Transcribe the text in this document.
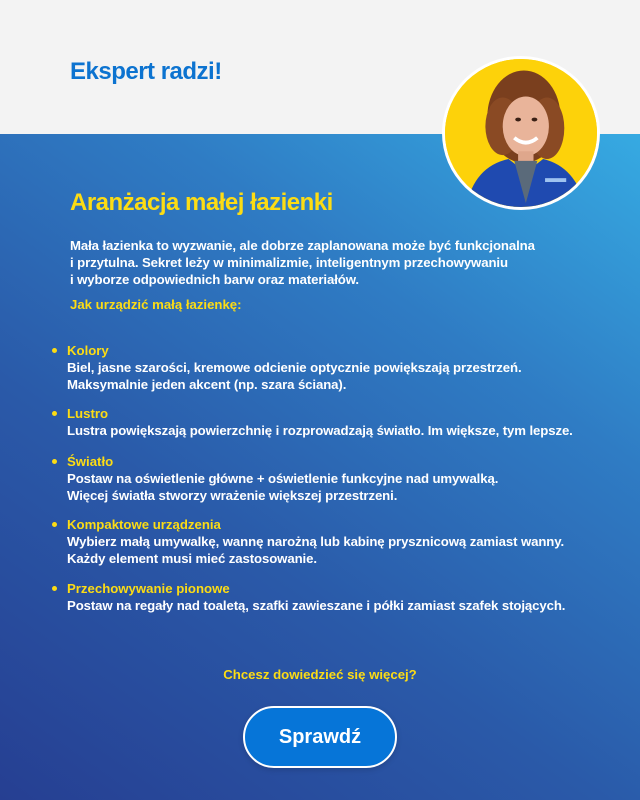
Ekspert radzi!
Aranżacja małej łazienki

Mała łazienka to wyzwanie, ale dobrze zaplanowana może być funkcjonalna
i przytulna. Sekret leży w minimalizmie, inteligentnym przechowywaniu
i wyborze odpowiednich barw oraz materiałów.

Jak urządzić małą łazienkę:
Kolory
Biel, jasne szarości, kremowe odcienie optycznie powiększają przestrzeń.
Maksymalnie jeden akcent (np. szara ściana).
Lustro
Lustra powiększają powierzchnię i rozprowadzają światło. Im większe, tym lepsze.
Światło
Postaw na oświetlenie główne + oświetlenie funkcyjne nad umywalką.
Więcej światła stworzy wrażenie większej przestrzeni.
Kompaktowe urządzenia
Wybierz małą umywalkę, wannę narożną lub kabinę prysznicową zamiast wanny.
Każdy element musi mieć zastosowanie.
Przechowywanie pionowe
Postaw na regały nad toaletą, szafki zawieszane i półki zamiast szafek stojących.

Chcesz dowiedzieć się więcej?

Sprawdź
